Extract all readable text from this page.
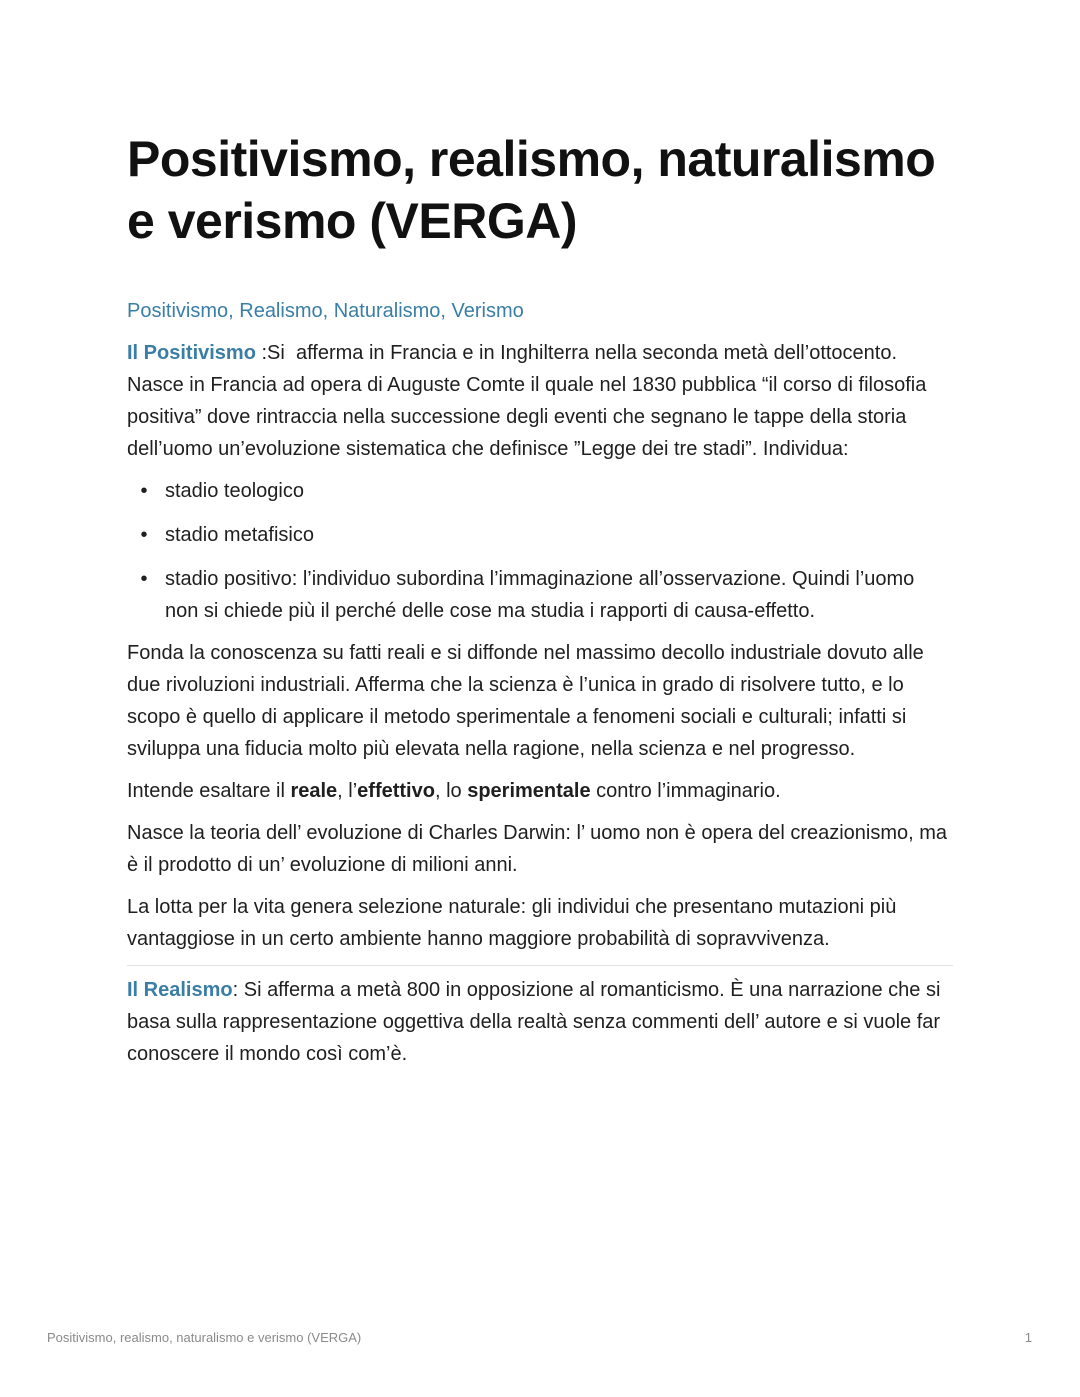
Positivismo, realismo, naturalismo e verismo (VERGA)
Positivismo, Realismo, Naturalismo, Verismo

Il Positivismo :Si  afferma in Francia e in Inghilterra nella seconda metà dell’ottocento.                          Nasce in Francia ad opera di Auguste Comte il quale nel 1830 pubblica “il corso di filosofia positiva” dove rintraccia nella successione degli eventi che segnano le tappe della storia dell’uomo un’evoluzione sistematica che definisce ”Legge dei tre stadi”. Individua:

• stadio teologico
• stadio metafisico
• stadio positivo: l’individuo subordina l’immaginazione all’osservazione. Quindi l’uomo non si chiede più il perché delle cose ma studia i rapporti di causa-effetto.

Fonda la conoscenza su fatti reali e si diffonde nel massimo decollo industriale dovuto alle due rivoluzioni industriali. Afferma che la scienza è l’unica in grado di risolvere tutto, e lo scopo è quello di applicare il metodo sperimentale a fenomeni sociali e culturali; infatti si sviluppa una fiducia molto più elevata nella ragione, nella scienza e nel progresso.

Intende esaltare il reale, l’effettivo, lo sperimentale contro l’immaginario.

Nasce la teoria dell’ evoluzione di Charles Darwin: l’ uomo non è opera del creazionismo, ma è il prodotto di un’ evoluzione di milioni anni.

La lotta per la vita genera selezione naturale: gli individui che presentano mutazioni più vantaggiose in un certo ambiente hanno maggiore probabilità di sopravvivenza.

Il Realismo: Si afferma a metà 800 in opposizione al romanticismo. È una narrazione che si basa sulla rappresentazione oggettiva della realtà senza commenti dell’ autore e si vuole far conoscere il mondo così com’è.

Positivismo, realismo, naturalismo e verismo (VERGA)	1
